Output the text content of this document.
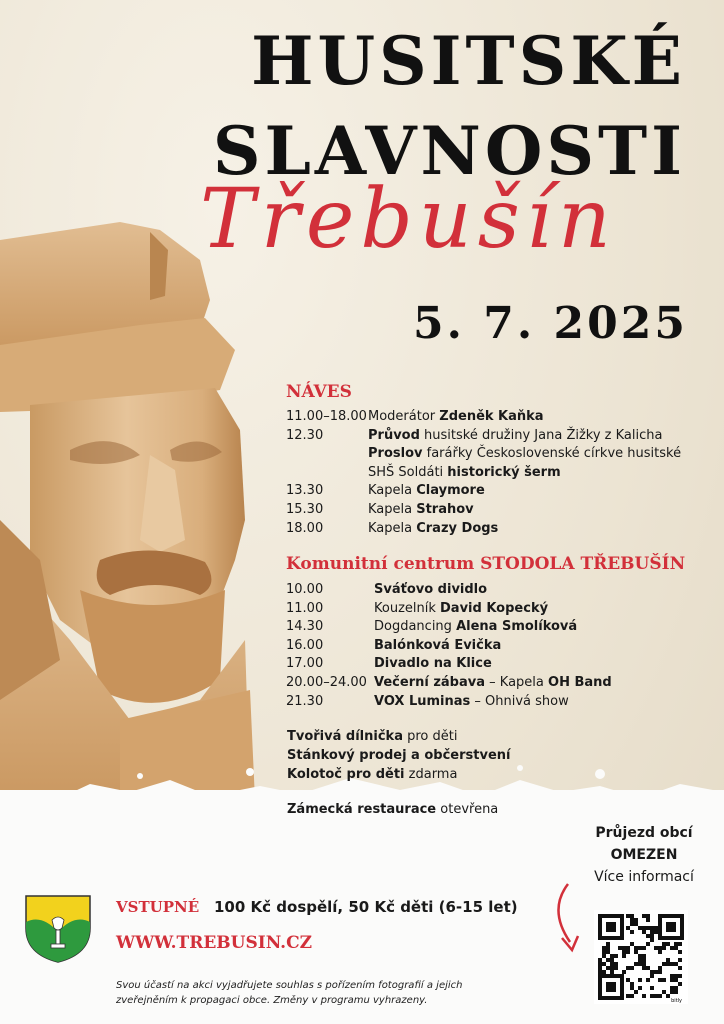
HUSITSKÉ
SLAVNOSTI
Třebušín
5. 7. 2025
NÁVES
11.00–18.00 Moderátor Zdeněk Kaňka
12.30	Průvod husitské družiny Jana Žižky z Kalicha
Proslov farářky Československé církve husitské
SHŠ Soldáti historický šerm
13.30	Kapela Claymore
15.30	Kapela Strahov
18.00	Kapela Crazy Dogs
Komunitní centrum STODOLA TŘEBUŠÍN
10.00	Sváťovo dividlo
11.00	Kouzelník David Kopecký
14.30	Dogdancing Alena Smolíková
16.00	Balónková Evička
17.00	Divadlo na Klice
20.00–24.00 Večerní zábava – Kapela OH Band
21.30	VOX Luminas – Ohnivá show
Tvořivá dílnička pro děti
Stánkový prodej a občerstvení
Kolotoč pro děti zdarma
Zámecká restaurace otevřena
VSTUPNÉ 100 Kč dospělí, 50 Kč děti (6-15 let)
WWW.TREBUSIN.CZ
Svou účastí na akci vyjadřujete souhlas s pořízením fotografií a jejich zveřejněním k propagaci obce. Změny v programu vyhrazeny.
Průjezd obcí
OMEZEN
Více informací
bitly
